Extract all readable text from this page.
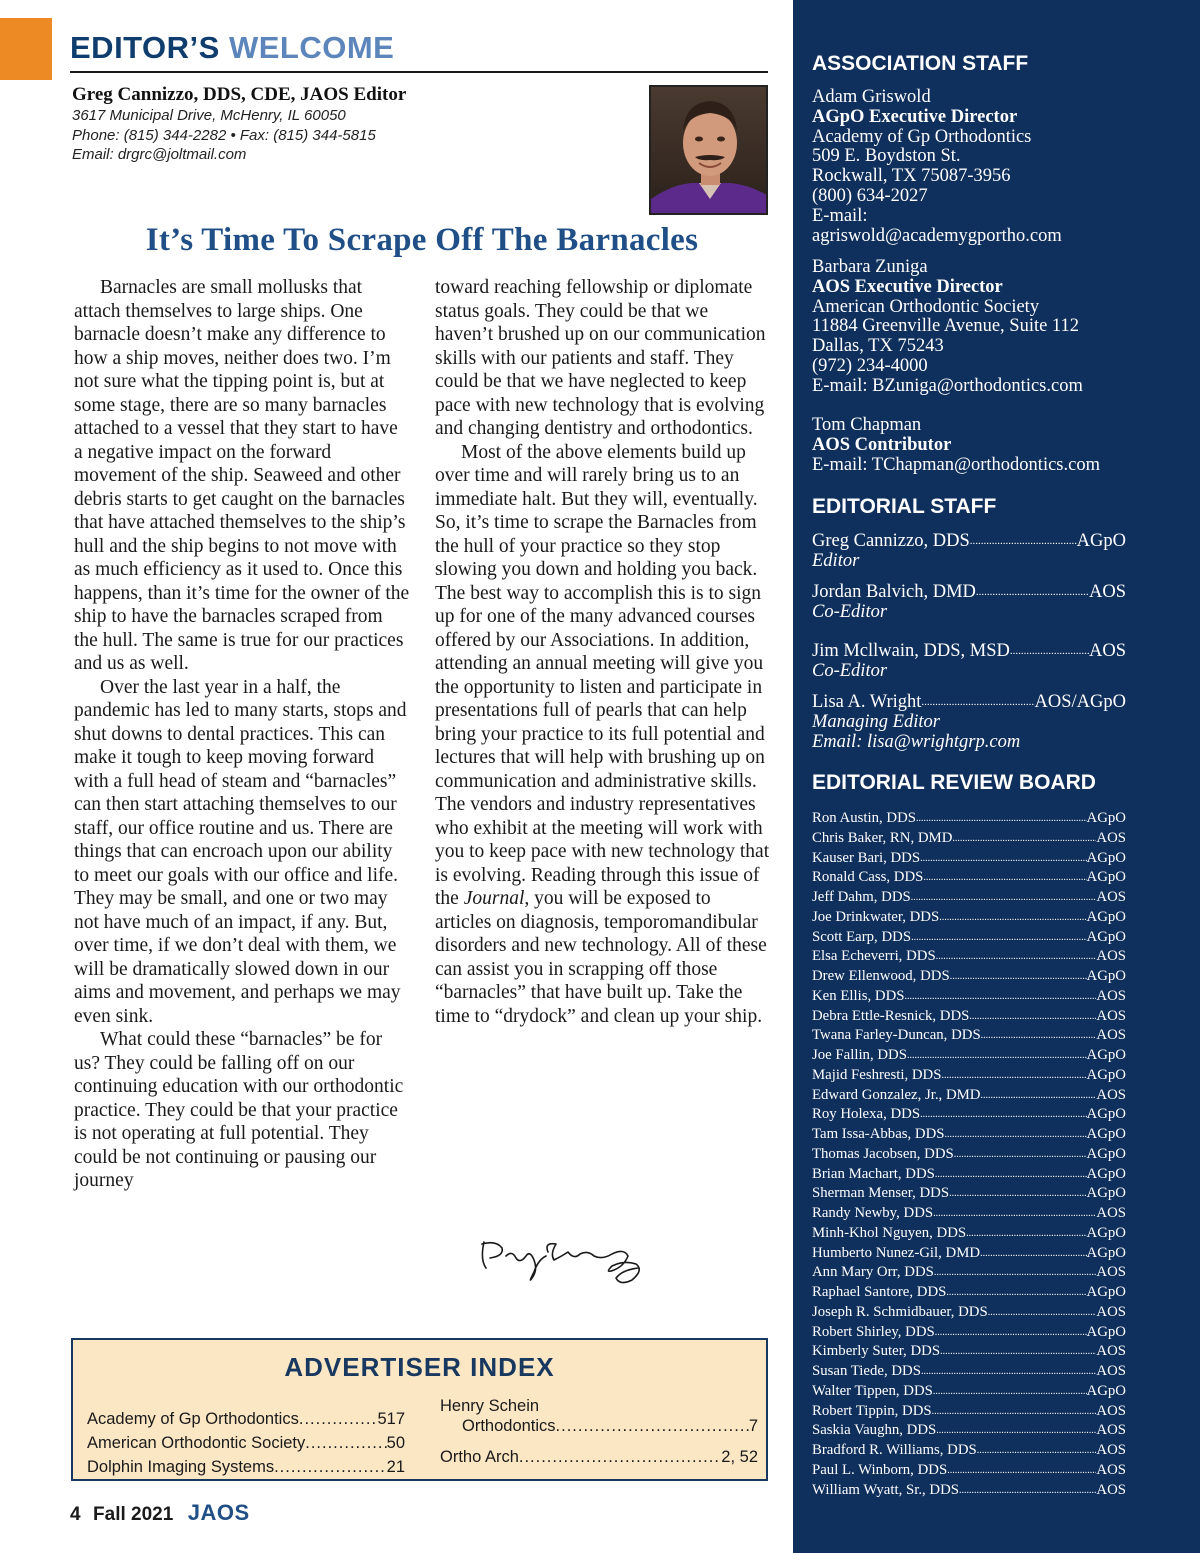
EDITOR’S WELCOME
Greg Cannizzo, DDS, CDE, JAOS Editor
3617 Municipal Drive, McHenry, IL 60050
Phone: (815) 344-2282 • Fax: (815) 344-5815
Email: drgrc@joltmail.com
It’s Time To Scrape Off The Barnacles

Barnacles are small mollusks that attach themselves to large ships. One barnacle doesn’t make any difference to how a ship moves, neither does two. I’m not sure what the tipping point is, but at some stage, there are so many barnacles attached to a vessel that they start to have a negative impact on the forward movement of the ship. Seaweed and other debris starts to get caught on the barnacles that have attached themselves to the ship’s hull and the ship begins to not move with as much efficiency as it used to. Once this happens, than it’s time for the owner of the ship to have the barnacles scraped from the hull. The same is true for our practices and us as well.

Over the last year in a half, the pandemic has led to many starts, stops and shut downs to dental practices. This can make it tough to keep moving forward with a full head of steam and “barnacles” can then start attaching themselves to our staff, our office routine and us. There are things that can encroach upon our ability to meet our goals with our office and life. They may be small, and one or two may not have much of an impact, if any. But, over time, if we don’t deal with them, we will be dramatically slowed down in our aims and movement, and perhaps we may even sink.

What could these “barnacles” be for us? They could be falling off on our continuing education with our orthodontic practice. They could be that your practice is not operating at full potential. They could be not continuing or pausing our journey

toward reaching fellowship or diplomate status goals. They could be that we haven’t brushed up on our communication skills with our patients and staff. They could be that we have neglected to keep pace with new technology that is evolving and changing dentistry and orthodontics.

Most of the above elements build up over time and will rarely bring us to an immediate halt. But they will, eventually. So, it’s time to scrape the Barnacles from the hull of your practice so they stop slowing you down and holding you back. The best way to accomplish this is to sign up for one of the many advanced courses offered by our Associations. In addition, attending an annual meeting will give you the opportunity to listen and participate in presentations full of pearls that can help bring your practice to its full potential and lectures that will help with brushing up on communication and administrative skills. The vendors and industry representatives who exhibit at the meeting will work with you to keep pace with new technology that is evolving. Reading through this issue of the Journal, you will be exposed to articles on diagnosis, temporomandibular disorders and new technology. All of these can assist you in scrapping off those “barnacles” that have built up. Take the time to “drydock” and clean up your ship.

ADVERTISER INDEX
Academy of Gp Orthodontics .....	517
American Orthodontic Society .....	50
Dolphin Imaging Systems .....	21
Henry Schein
Orthodontics .....	7
Ortho Arch .....	2, 52
4 Fall 2021 JAOS
ASSOCIATION STAFF
Adam Griswold
AGpO Executive Director
Academy of Gp Orthodontics
509 E. Boydston St.
Rockwall, TX 75087-3956
(800) 634-2027
E-mail:
agriswold@academygportho.com
Barbara Zuniga
AOS Executive Director
American Orthodontic Society
11884 Greenville Avenue, Suite 112
Dallas, TX 75243
(972) 234-4000
E-mail: BZuniga@orthodontics.com
Tom Chapman
AOS Contributor
E-mail: TChapman@orthodontics.com
EDITORIAL STAFF
Greg Cannizzo, DDS .....	AGpO
Editor
Jordan Balvich, DMD .....	AOS
Co-Editor
Jim Mcllwain, DDS, MSD .....	AOS
Co-Editor
Lisa A. Wright .....	AOS/AGpO
Managing Editor
Email: lisa@wrightgrp.com
EDITORIAL REVIEW BOARD
Ron Austin, DDS .....	AGpO
Chris Baker, RN, DMD .....	AOS
Kauser Bari, DDS .....	AGpO
Ronald Cass, DDS .....	AGpO
Jeff Dahm, DDS .....	AOS
Joe Drinkwater, DDS .....	AGpO
Scott Earp, DDS .....	AGpO
Elsa Echeverri, DDS .....	AOS
Drew Ellenwood, DDS .....	AGpO
Ken Ellis, DDS .....	AOS
Debra Ettle-Resnick, DDS .....	AOS
Twana Farley-Duncan, DDS .....	AOS
Joe Fallin, DDS .....	AGpO
Majid Feshresti, DDS .....	AGpO
Edward Gonzalez, Jr., DMD .....	AOS
Roy Holexa, DDS .....	AGpO
Tam Issa-Abbas, DDS .....	AGpO
Thomas Jacobsen, DDS .....	AGpO
Brian Machart, DDS .....	AGpO
Sherman Menser, DDS .....	AGpO
Randy Newby, DDS .....	AOS
Minh-Khol Nguyen, DDS .....	AGpO
Humberto Nunez-Gil, DMD .....	AGpO
Ann Mary Orr, DDS .....	AOS
Raphael Santore, DDS .....	AGpO
Joseph R. Schmidbauer, DDS .....	AOS
Robert Shirley, DDS .....	AGpO
Kimberly Suter, DDS .....	AOS
Susan Tiede, DDS .....	AOS
Walter Tippen, DDS .....	AGpO
Robert Tippin, DDS .....	AOS
Saskia Vaughn, DDS .....	AOS
Bradford R. Williams, DDS .....	AOS
Paul L. Winborn, DDS .....	AOS
William Wyatt, Sr., DDS .....	AOS
